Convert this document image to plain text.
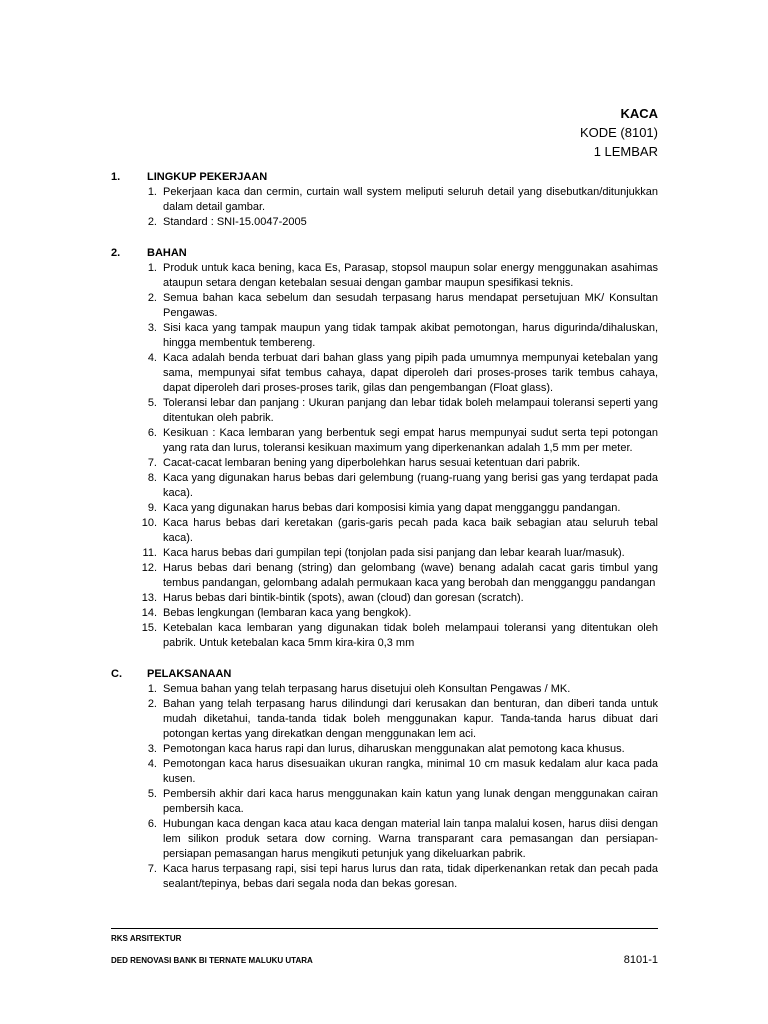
KACA
KODE (8101)
1 LEMBAR
1.	LINGKUP PEKERJAAN
1. Pekerjaan kaca dan cermin, curtain wall system meliputi seluruh detail yang disebutkan/ditunjukkan dalam detail gambar.
2. Standard : SNI-15.0047-2005
2.	BAHAN
1. Produk untuk kaca bening, kaca Es, Parasap, stopsol maupun solar energy menggunakan asahimas ataupun setara dengan ketebalan sesuai dengan gambar maupun spesifikasi teknis.
2. Semua bahan kaca sebelum dan sesudah terpasang harus mendapat persetujuan MK/ Konsultan Pengawas.
3. Sisi kaca yang tampak maupun yang tidak tampak akibat pemotongan, harus digurinda/dihaluskan, hingga membentuk tembereng.
4. Kaca adalah benda terbuat dari bahan glass yang pipih pada umumnya mempunyai ketebalan yang sama, mempunyai sifat tembus cahaya, dapat diperoleh dari proses-proses tarik tembus cahaya, dapat diperoleh dari proses-proses tarik, gilas dan pengembangan (Float glass).
5. Toleransi lebar dan panjang : Ukuran panjang dan lebar tidak boleh melampaui toleransi seperti yang ditentukan oleh pabrik.
6. Kesikuan : Kaca lembaran yang berbentuk segi empat harus mempunyai sudut serta tepi potongan yang rata dan lurus, toleransi kesikuan maximum yang diperkenankan adalah 1,5 mm per meter.
7. Cacat-cacat lembaran bening yang diperbolehkan harus sesuai ketentuan dari pabrik.
8. Kaca yang digunakan harus bebas dari gelembung (ruang-ruang yang berisi gas yang terdapat pada kaca).
9. Kaca yang digunakan harus bebas dari komposisi kimia yang dapat mengganggu pandangan.
10. Kaca harus bebas dari keretakan (garis-garis pecah pada kaca baik sebagian atau seluruh tebal kaca).
11. Kaca harus bebas dari gumpilan tepi (tonjolan pada sisi panjang dan lebar kearah luar/masuk).
12. Harus bebas dari benang (string) dan gelombang (wave) benang adalah cacat garis timbul yang tembus pandangan, gelombang adalah permukaan kaca yang berobah dan mengganggu pandangan
13. Harus bebas dari bintik-bintik (spots), awan (cloud) dan goresan (scratch).
14. Bebas lengkungan (lembaran kaca yang bengkok).
15. Ketebalan kaca lembaran yang digunakan tidak boleh melampaui toleransi yang ditentukan oleh pabrik. Untuk ketebalan kaca 5mm kira-kira 0,3 mm
C.	PELAKSANAAN
1. Semua bahan yang telah terpasang harus disetujui oleh Konsultan Pengawas / MK.
2. Bahan yang telah terpasang harus dilindungi dari kerusakan dan benturan, dan diberi tanda untuk mudah diketahui, tanda-tanda tidak boleh menggunakan kapur. Tanda-tanda harus dibuat dari potongan kertas yang direkatkan dengan menggunakan lem aci.
3. Pemotongan kaca harus rapi dan lurus, diharuskan menggunakan alat pemotong kaca khusus.
4. Pemotongan kaca harus disesuaikan ukuran rangka, minimal 10 cm masuk kedalam alur kaca pada kusen.
5. Pembersih akhir dari kaca harus menggunakan kain katun yang lunak dengan menggunakan cairan pembersih kaca.
6. Hubungan kaca dengan kaca atau kaca dengan material lain tanpa malalui kosen, harus diisi dengan lem silikon produk setara dow corning. Warna transparant cara pemasangan dan persiapan-persiapan pemasangan harus mengikuti petunjuk yang dikeluarkan pabrik.
7. Kaca harus terpasang rapi, sisi tepi harus lurus dan rata, tidak diperkenankan retak dan pecah pada sealant/tepinya, bebas dari segala noda dan bekas goresan.
RKS ARSITEKTUR
DED RENOVASI BANK BI TERNATE MALUKU UTARA	8101-1
